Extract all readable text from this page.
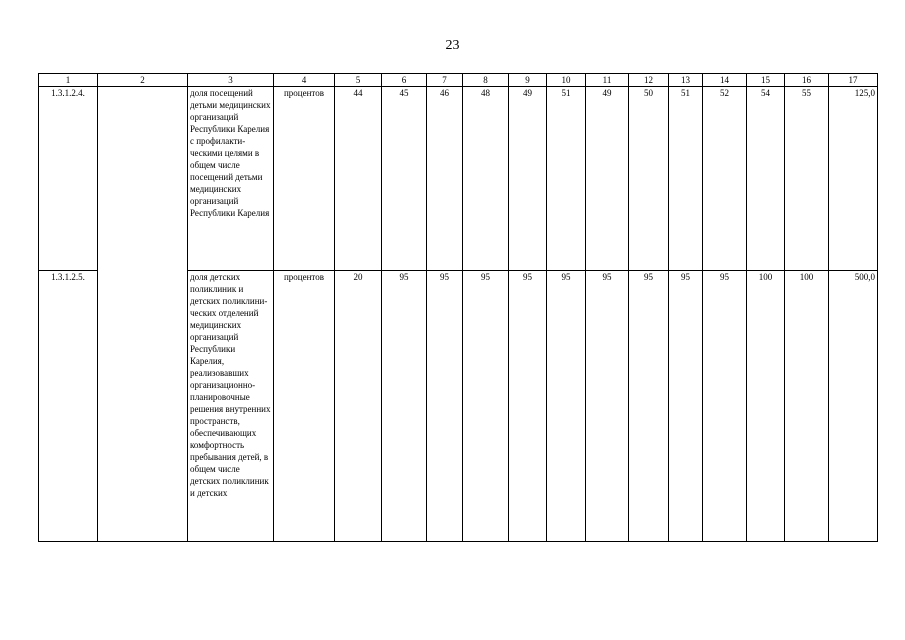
23
1	2	3	4	5	6	7	8	9	10	11	12	13	14	15	16	17
1.3.1.2.4.		доля посещений детьми медицинских организаций Республики Карелия с профилакти-ческими целями в общем числе посещений детьми медицинских организаций Республики Карелия	процентов	44	45	46	48	49	51	49	50	51	52	54	55	125,0
1.3.1.2.5.		доля детских поликлиник и детских поликлини-ческих отделений медицинских организаций Республики Карелия, реализовавших организационно-планировочные решения внутренних пространств, обеспечивающих комфортность пребывания детей, в общем числе детских поликлиник и детских	процентов	20	95	95	95	95	95	95	95	95	95	100	100	500,0
